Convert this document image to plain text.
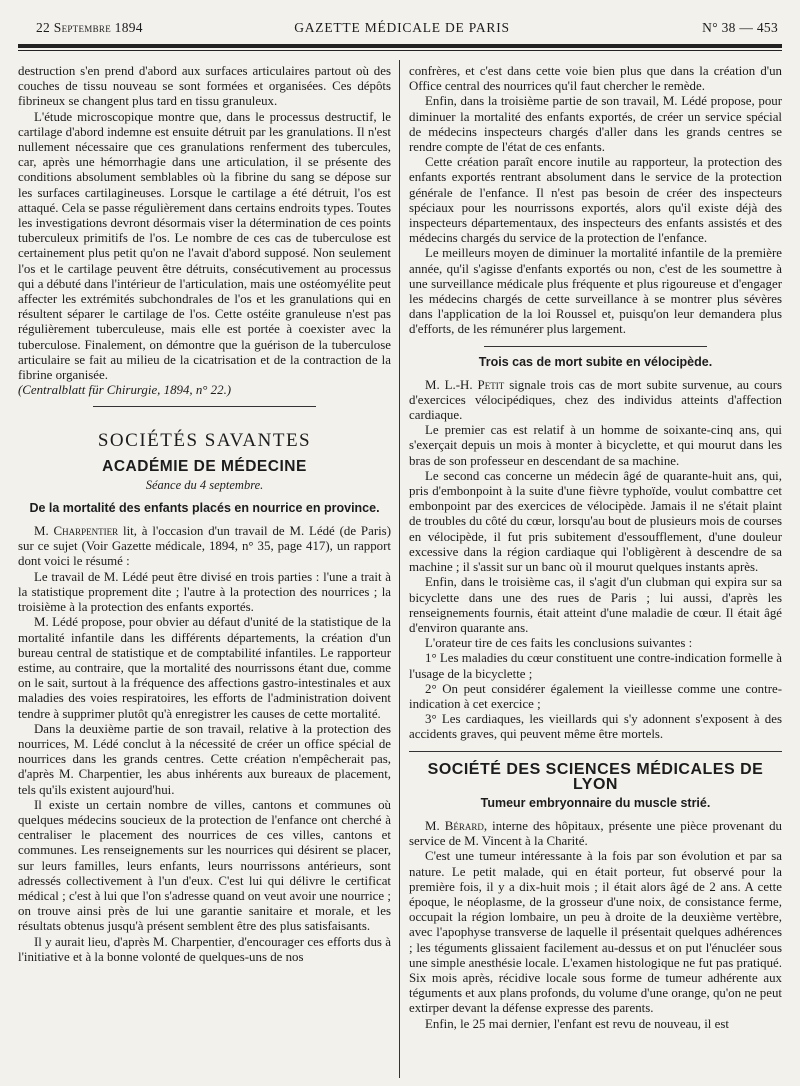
22 Septembre 1894	GAZETTE MÉDICALE DE PARIS	N° 38 — 453

destruction s'en prend d'abord aux surfaces articulaires partout où des couches de tissu nouveau se sont formées et organisées. Ces dépôts fibrineux se changent plus tard en tissu granuleux.

L'étude microscopique montre que, dans le processus destructif, le cartilage d'abord indemne est ensuite détruit par les granulations. Il n'est nullement nécessaire que ces granulations renferment des tubercules, car, après une hémorrhagie dans une articulation, il se présente des conditions absolument semblables où la fibrine du sang se dépose sur les surfaces cartilagineuses. Lorsque le cartilage a été détruit, l'os est attaqué. Cela se passe régulièrement dans certains endroits types. Toutes les investigations devront désormais viser la détermination de ces points tuberculeux primitifs de l'os. Le nombre de ces cas de tuberculose est certainement plus petit qu'on ne l'avait d'abord supposé. Non seulement l'os et le cartilage peuvent être détruits, consécutivement au processus qui a débuté dans l'intérieur de l'articulation, mais une ostéomyélite peut affecter les extrémités subchondrales de l'os et les granulations qui en résultent séparer le cartilage de l'os. Cette ostéite granuleuse n'est pas régulièrement tuberculeuse, mais elle est portée à coexister avec la tuberculose. Finalement, on démontre que la guérison de la tuberculose articulaire se fait au milieu de la cicatrisation et de la contraction de la fibrine organisée.

(Centralblatt für Chirurgie, 1894, n° 22.)

SOCIÉTÉS SAVANTES
ACADÉMIE DE MÉDECINE
Séance du 4 septembre.
De la mortalité des enfants placés en nourrice en province.

M. Charpentier lit, à l'occasion d'un travail de M. Lédé (de Paris) sur ce sujet (Voir Gazette médicale, 1894, n° 35, page 417), un rapport dont voici le résumé :

Le travail de M. Lédé peut être divisé en trois parties : l'une a trait à la statistique proprement dite ; l'autre à la protection des nourrices ; la troisième à la protection des enfants exportés.

M. Lédé propose, pour obvier au défaut d'unité de la statistique de la mortalité infantile dans les différents départements, la création d'un bureau central de statistique et de comptabilité infantiles. Le rapporteur estime, au contraire, que la mortalité des nourrissons étant due, comme on le sait, surtout à la fréquence des affections gastro-intestinales et aux maladies des voies respiratoires, les efforts de l'administration doivent tendre à supprimer plutôt qu'à enregistrer les causes de cette mortalité.

Dans la deuxième partie de son travail, relative à la protection des nourrices, M. Lédé conclut à la nécessité de créer un office spécial de nourrices dans les grands centres. Cette création n'empêcherait pas, d'après M. Charpentier, les abus inhérents aux bureaux de placement, tels qu'ils existent aujourd'hui.

Il existe un certain nombre de villes, cantons et communes où quelques médecins soucieux de la protection de l'enfance ont cherché à centraliser le placement des nourrices de ces villes, cantons et communes. Les renseignements sur les nourrices qui désirent se placer, sur leurs familles, leurs enfants, leurs nourrissons antérieurs, sont adressés collectivement à l'un d'eux. C'est lui qui délivre le certificat médical ; c'est à lui que l'on s'adresse quand on veut avoir une nourrice ; on trouve ainsi près de lui une garantie sanitaire et morale, et les résultats obtenus jusqu'à présent semblent être des plus satisfaisants.

Il y aurait lieu, d'après M. Charpentier, d'encourager ces efforts dus à l'initiative et à la bonne volonté de quelques-uns de nos

confrères, et c'est dans cette voie bien plus que dans la création d'un Office central des nourrices qu'il faut chercher le remède.

Enfin, dans la troisième partie de son travail, M. Lédé propose, pour diminuer la mortalité des enfants exportés, de créer un service spécial de médecins inspecteurs chargés d'aller dans les grands centres se rendre compte de l'état de ces enfants.

Cette création paraît encore inutile au rapporteur, la protection des enfants exportés rentrant absolument dans le service de la protection générale de l'enfance. Il n'est pas besoin de créer des inspecteurs spéciaux pour les nourrissons exportés, alors qu'il existe déjà des inspecteurs départementaux, des inspecteurs des enfants assistés et des médecins chargés du service de la protection de l'enfance.

Le meilleurs moyen de diminuer la mortalité infantile de la première année, qu'il s'agisse d'enfants exportés ou non, c'est de les soumettre à une surveillance médicale plus fréquente et plus rigoureuse et d'engager les médecins chargés de cette surveillance à se montrer plus sévères dans l'application de la loi Roussel et, puisqu'on leur demandera plus d'efforts, de les rémunérer plus largement.

Trois cas de mort subite en vélocipède.

M. L.-H. Petit signale trois cas de mort subite survenue, au cours d'exercices vélocipédiques, chez des individus atteints d'affection cardiaque.

Le premier cas est relatif à un homme de soixante-cinq ans, qui s'exerçait depuis un mois à monter à bicyclette, et qui mourut dans les bras de son professeur en descendant de sa machine.

Le second cas concerne un médecin âgé de quarante-huit ans, qui, pris d'embonpoint à la suite d'une fièvre typhoïde, voulut combattre cet embonpoint par des exercices de vélocipède. Jamais il ne s'était plaint de troubles du côté du cœur, lorsqu'au bout de plusieurs mois de courses en vélocipède, il fut pris subitement d'essoufflement, d'une douleur excessive dans la région cardiaque qui l'obligèrent à descendre de sa machine ; il s'assit sur un banc où il mourut quelques instants après.

Enfin, dans le troisième cas, il s'agit d'un clubman qui expira sur sa bicyclette dans une des rues de Paris ; lui aussi, d'après les renseignements fournis, était atteint d'une maladie de cœur. Il était âgé d'environ quarante ans.

L'orateur tire de ces faits les conclusions suivantes :

1° Les maladies du cœur constituent une contre-indication formelle à l'usage de la bicyclette ;

2° On peut considérer également la vieillesse comme une contre-indication à cet exercice ;

3° Les cardiaques, les vieillards qui s'y adonnent s'exposent à des accidents graves, qui peuvent même être mortels.

SOCIÉTÉ DES SCIENCES MÉDICALES DE LYON
Tumeur embryonnaire du muscle strié.

M. Bérard, interne des hôpitaux, présente une pièce provenant du service de M. Vincent à la Charité.

C'est une tumeur intéressante à la fois par son évolution et par sa nature. Le petit malade, qui en était porteur, fut observé pour la première fois, il y a dix-huit mois ; il était alors âgé de 2 ans. A cette époque, le néoplasme, de la grosseur d'une noix, de consistance ferme, occupait la région lombaire, un peu à droite de la deuxième vertèbre, avec l'apophyse transverse de laquelle il présentait quelques adhérences ; les téguments glissaient facilement au-dessus et on put l'énucléer sous une simple anesthésie locale. L'examen histologique ne fut pas pratiqué. Six mois après, récidive locale sous forme de tumeur adhérente aux téguments et aux plans profonds, du volume d'une orange, qu'on ne peut extirper devant la défense expresse des parents.

Enfin, le 25 mai dernier, l'enfant est revu de nouveau, il est
